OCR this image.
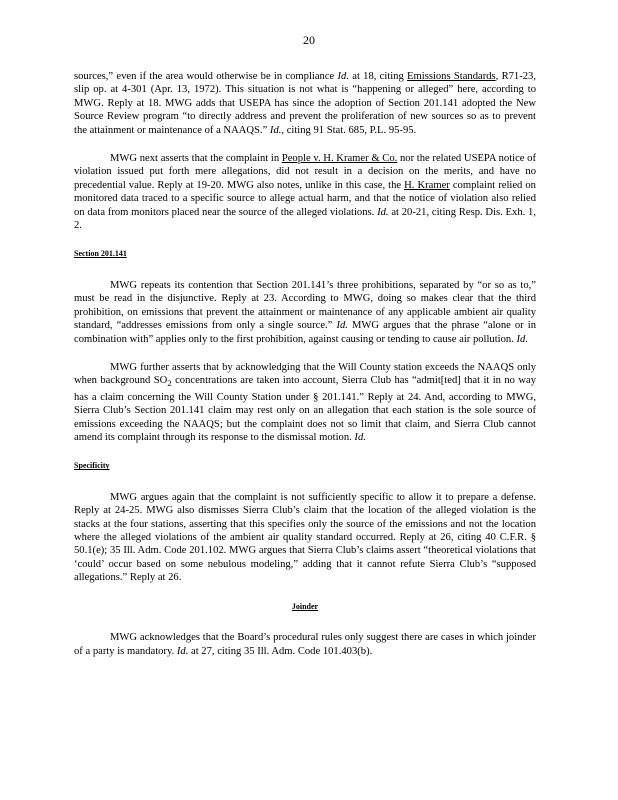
20

sources,” even if the area would otherwise be in compliance Id. at 18, citing Emissions Standards, R71-23, slip op. at 4-301 (Apr. 13, 1972). This situation is not what is “happening or alleged” here, according to MWG. Reply at 18. MWG adds that USEPA has since the adoption of Section 201.141 adopted the New Source Review program “to directly address and prevent the proliferation of new sources so as to prevent the attainment or maintenance of a NAAQS.” Id., citing 91 Stat. 685, P.L. 95-95.

MWG next asserts that the complaint in People v. H. Kramer & Co. nor the related USEPA notice of violation issued put forth mere allegations, did not result in a decision on the merits, and have no precedential value. Reply at 19-20. MWG also notes, unlike in this case, the H. Kramer complaint relied on monitored data traced to a specific source to allege actual harm, and that the notice of violation also relied on data from monitors placed near the source of the alleged violations. Id. at 20-21, citing Resp. Dis. Exh. 1, 2.

Section 201.141

MWG repeats its contention that Section 201.141’s three prohibitions, separated by “or so as to,” must be read in the disjunctive. Reply at 23. According to MWG, doing so makes clear that the third prohibition, on emissions that prevent the attainment or maintenance of any applicable ambient air quality standard, “addresses emissions from only a single source.” Id. MWG argues that the phrase “alone or in combination with” applies only to the first prohibition, against causing or tending to cause air pollution. Id.

MWG further asserts that by acknowledging that the Will County station exceeds the NAAQS only when background $SO_2$ concentrations are taken into account, Sierra Club has “admit[ted] that it in no way has a claim concerning the Will County Station under § 201.141.” Reply at 24. And, according to MWG, Sierra Club’s Section 201.141 claim may rest only on an allegation that each station is the sole source of emissions exceeding the NAAQS; but the complaint does not so limit that claim, and Sierra Club cannot amend its complaint through its response to the dismissal motion. Id.

Specificity

MWG argues again that the complaint is not sufficiently specific to allow it to prepare a defense. Reply at 24-25. MWG also dismisses Sierra Club’s claim that the location of the alleged violation is the stacks at the four stations, asserting that this specifies only the source of the emissions and not the location where the alleged violations of the ambient air quality standard occurred. Reply at 26, citing 40 C.F.R. § 50.1(e); 35 Ill. Adm. Code 201.102. MWG argues that Sierra Club’s claims assert “theoretical violations that ‘could’ occur based on some nebulous modeling,” adding that it cannot refute Sierra Club’s “supposed allegations.” Reply at 26.

Joinder

MWG acknowledges that the Board’s procedural rules only suggest there are cases in which joinder of a party is mandatory. Id. at 27, citing 35 Ill. Adm. Code 101.403(b).
